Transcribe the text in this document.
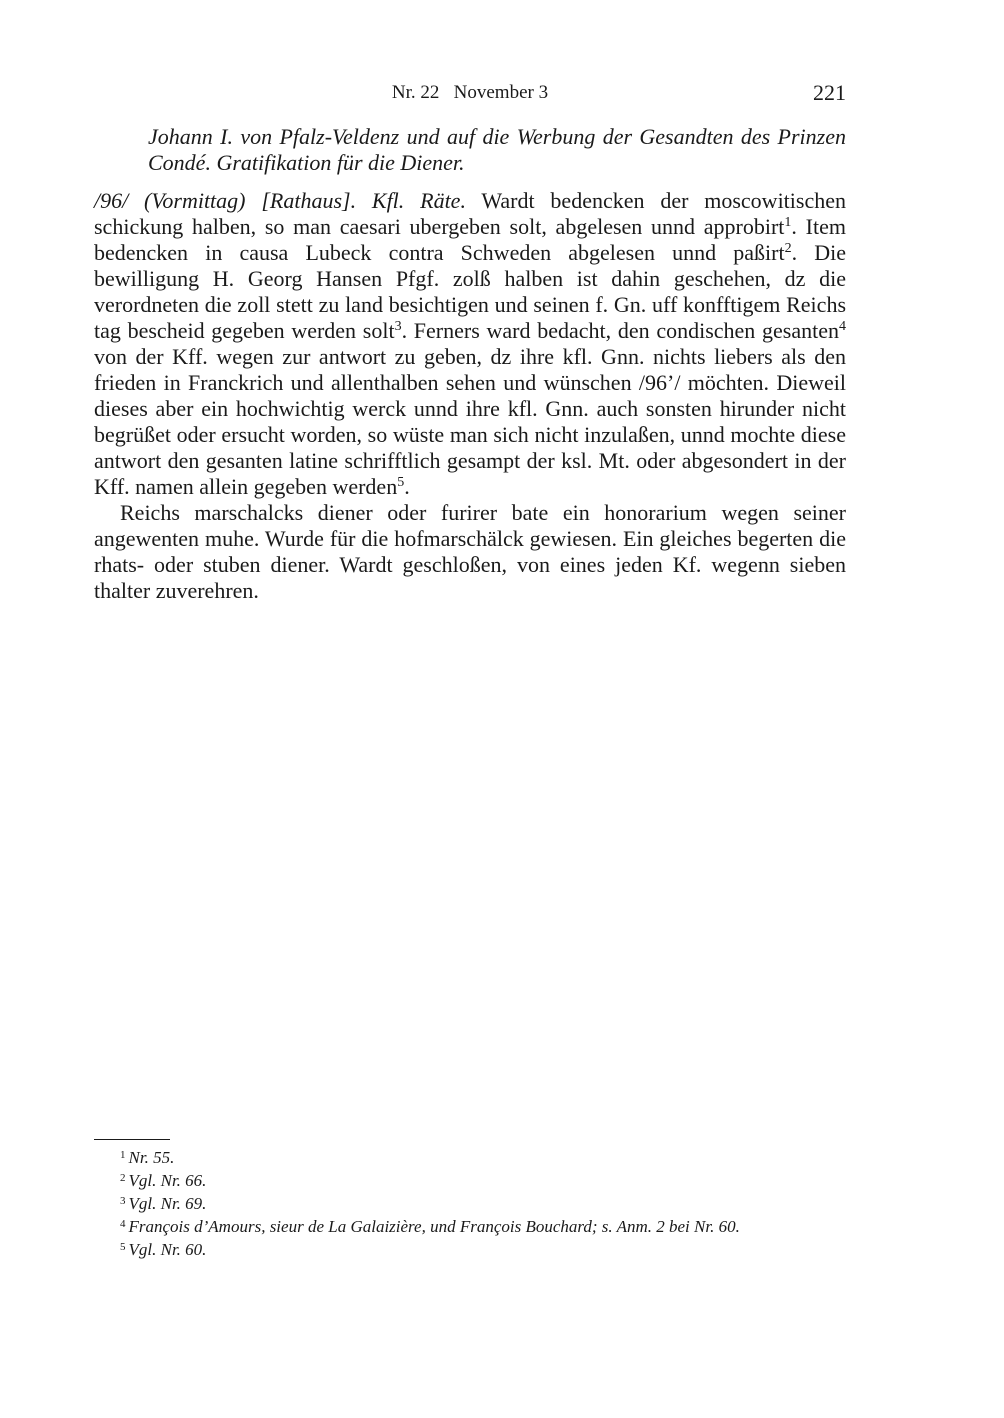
Nr. 22   November 3	221
Johann I. von Pfalz-Veldenz und auf die Werbung der Gesandten des Prinzen Condé. Gratifikation für die Diener.

/96/ (Vormittag) [Rathaus]. Kfl. Räte. Wardt bedencken der moscowitischen schickung halben, so man caesari ubergeben solt, abgelesen unnd approbirt$^1$. Item bedencken in causa Lubeck contra Schweden abgelesen unnd paßirt$^2$. Die bewilligung H. Georg Hansen Pfgf. zolß halben ist dahin geschehen, dz die verordneten die zoll stett zu land besichtigen und seinen f. Gn. uff konfftigem Reichs tag bescheid gegeben werden solt$^3$. Ferners ward bedacht, den condischen gesanten$^4$ von der Kff. wegen zur antwort zu geben, dz ihre kfl. Gnn. nichts liebers als den frieden in Franckrich und allenthalben sehen und wünschen /96’/ möchten. Dieweil dieses aber ein hochwichtig werck unnd ihre kfl. Gnn. auch sonsten hirunder nicht begrüßet oder ersucht worden, so wüste man sich nicht inzulaßen, unnd mochte diese antwort den gesanten latine schrifftlich gesampt der ksl. Mt. oder abgesondert in der Kff. namen allein gegeben werden$^5$.

Reichs marschalcks diener oder furirer bate ein honorarium wegen seiner angewenten muhe. Wurde für die hofmarschälck gewiesen. Ein gleiches begerten die rhats- oder stuben diener. Wardt geschloßen, von eines jeden Kf. wegenn sieben thalter zuverehren.

$^1$ Nr. 55.
$^2$ Vgl. Nr. 66.
$^3$ Vgl. Nr. 69.
$^4$ François d’Amours, sieur de La Galaizière, und François Bouchard; s. Anm. 2 bei Nr. 60.
$^5$ Vgl. Nr. 60.
